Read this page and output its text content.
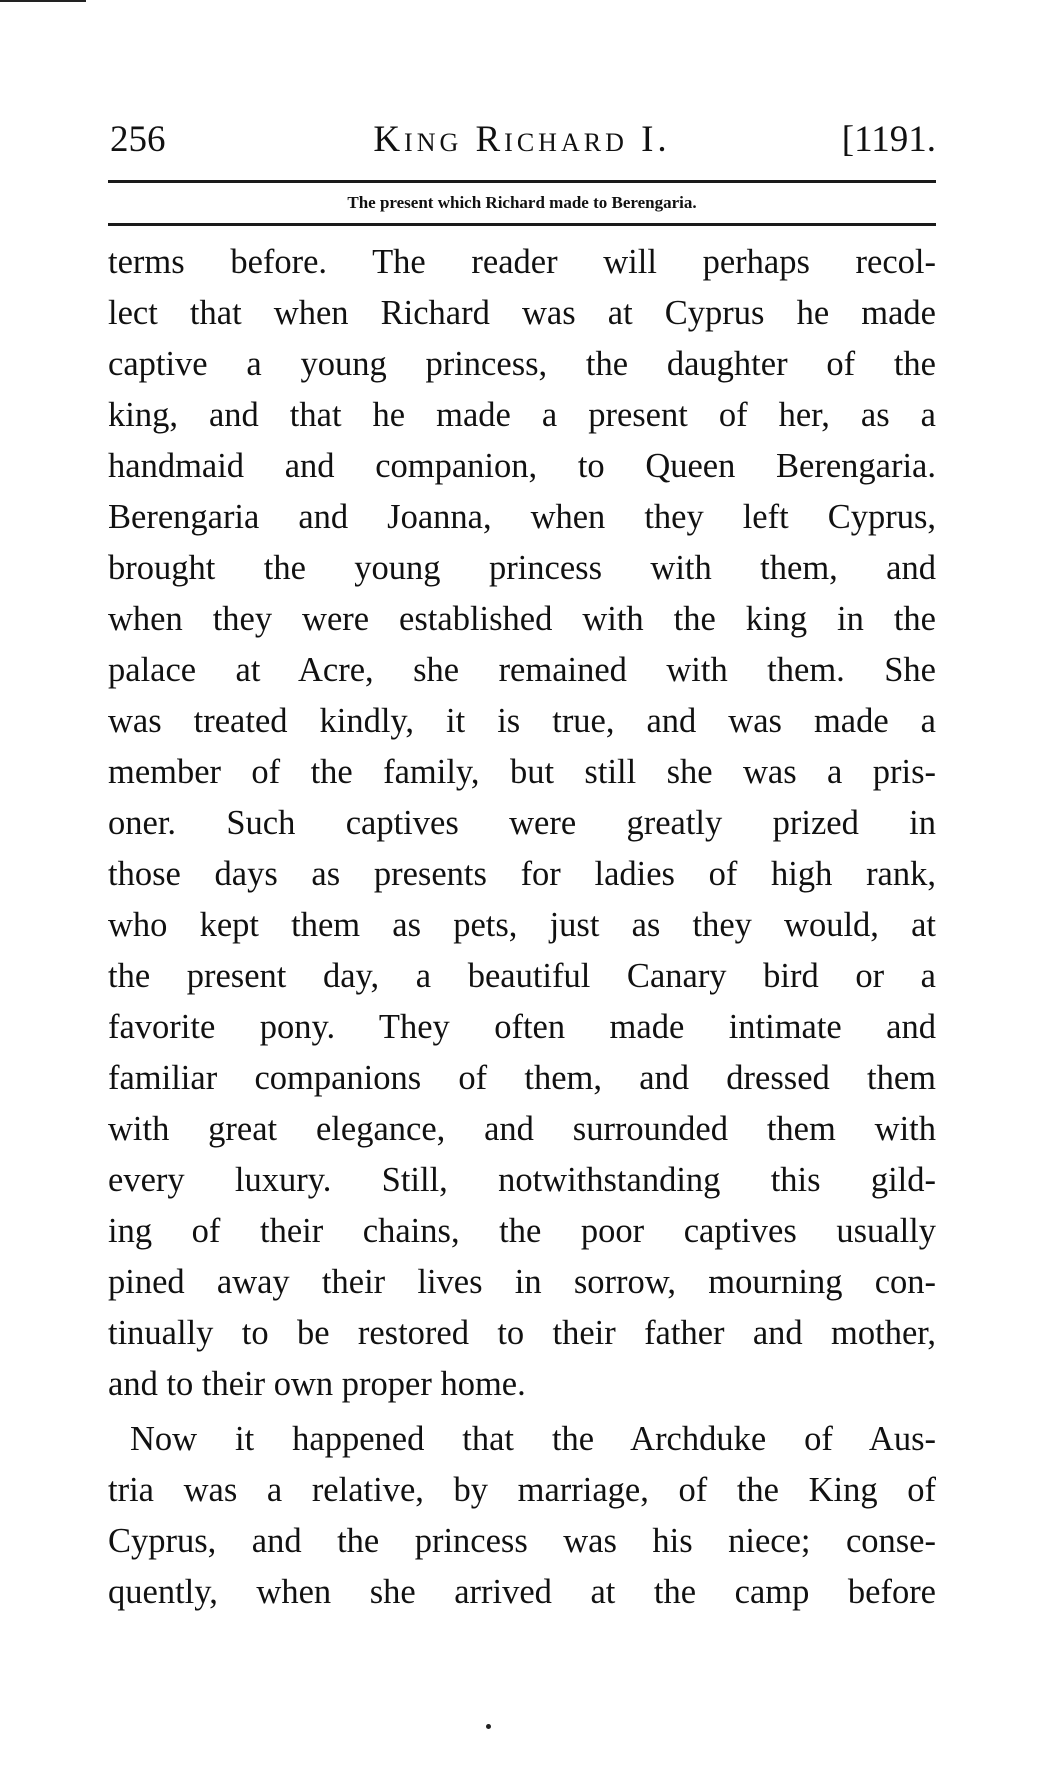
256	King Richard I.	[1191.
The present which Richard made to Berengaria.
terms before. The reader will perhaps recol-
lect that when Richard was at Cyprus he made
captive a young princess, the daughter of the
king, and that he made a present of her, as a
handmaid and companion, to Queen Berengaria.
Berengaria and Joanna, when they left Cyprus,
brought the young princess with them, and
when they were established with the king in the
palace at Acre, she remained with them. She
was treated kindly, it is true, and was made a
member of the family, but still she was a pris-
oner. Such captives were greatly prized in
those days as presents for ladies of high rank,
who kept them as pets, just as they would, at
the present day, a beautiful Canary bird or a
favorite pony. They often made intimate and
familiar companions of them, and dressed them
with great elegance, and surrounded them with
every luxury. Still, notwithstanding this gild-
ing of their chains, the poor captives usually
pined away their lives in sorrow, mourning con-
tinually to be restored to their father and mother,
and to their own proper home.
Now it happened that the Archduke of Aus-
tria was a relative, by marriage, of the King of
Cyprus, and the princess was his niece; conse-
quently, when she arrived at the camp before
